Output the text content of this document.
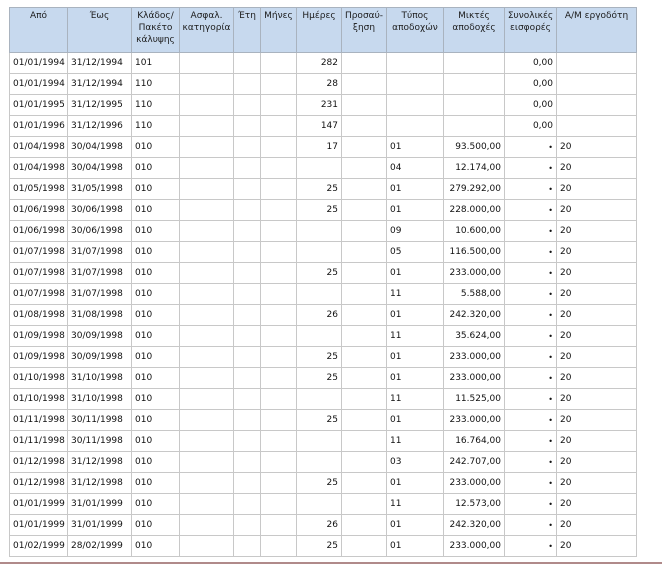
Από	Έως	Κλάδος/ Πακέτο κάλυψης	Ασφαλ. κατηγορία	Έτη	Μήνες	Ημέρες	Προσαύ- ξηση	Τύπος αποδοχών	Μικτές αποδοχές	Συνολικές εισφορές	Α/Μ εργοδότη
01/01/1994	31/12/1994	101				282				0,00	
01/01/1994	31/12/1994	110				28				0,00	
01/01/1995	31/12/1995	110				231				0,00	
01/01/1996	31/12/1996	110				147				0,00	
01/04/1998	30/04/1998	010				17		01	93.500,00	•	20
01/04/1998	30/04/1998	010						04	12.174,00	•	20
01/05/1998	31/05/1998	010				25		01	279.292,00	•	20
01/06/1998	30/06/1998	010				25		01	228.000,00	•	20
01/06/1998	30/06/1998	010						09	10.600,00	•	20
01/07/1998	31/07/1998	010						05	116.500,00	•	20
01/07/1998	31/07/1998	010				25		01	233.000,00	•	20
01/07/1998	31/07/1998	010						11	5.588,00	•	20
01/08/1998	31/08/1998	010				26		01	242.320,00	•	20
01/09/1998	30/09/1998	010						11	35.624,00	•	20
01/09/1998	30/09/1998	010				25		01	233.000,00	•	20
01/10/1998	31/10/1998	010				25		01	233.000,00	•	20
01/10/1998	31/10/1998	010						11	11.525,00	•	20
01/11/1998	30/11/1998	010				25		01	233.000,00	•	20
01/11/1998	30/11/1998	010						11	16.764,00	•	20
01/12/1998	31/12/1998	010						03	242.707,00	•	20
01/12/1998	31/12/1998	010				25		01	233.000,00	•	20
01/01/1999	31/01/1999	010						11	12.573,00	•	20
01/01/1999	31/01/1999	010				26		01	242.320,00	•	20
01/02/1999	28/02/1999	010				25		01	233.000,00	•	20
